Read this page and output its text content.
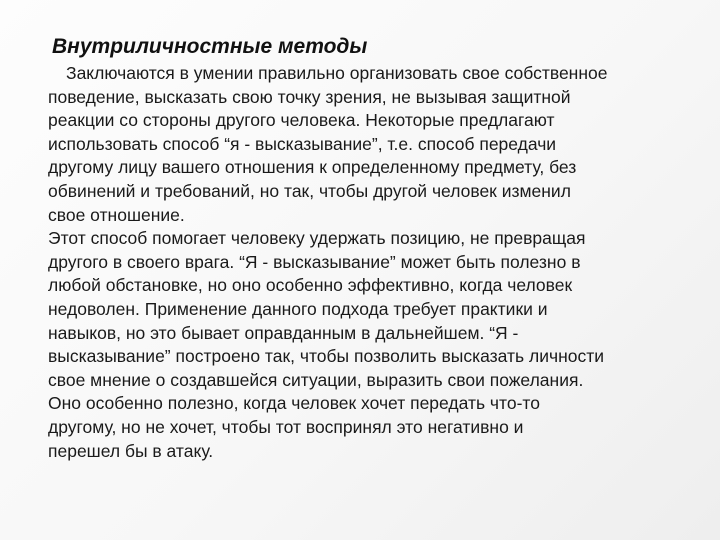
Внутриличностные методы
Заключаются в умении правильно организовать свое собственное
поведение, высказать свою точку зрения, не вызывая защитной
реакции со стороны другого человека. Некоторые предлагают
использовать способ “я - высказывание”, т.е. способ передачи
другому лицу вашего отношения к определенному предмету, без
обвинений и требований, но так, чтобы другой человек изменил
свое отношение.
Этот способ помогает человеку удержать позицию, не превращая
другого в своего врага. “Я - высказывание” может быть полезно в
любой обстановке, но оно особенно эффективно, когда человек
недоволен. Применение данного подхода требует практики и
навыков, но это бывает оправданным в дальнейшем. “Я -
высказывание” построено так, чтобы позволить высказать личности
свое мнение о создавшейся ситуации, выразить свои пожелания.
Оно особенно полезно, когда человек хочет передать что-то
другому, но не хочет, чтобы тот воспринял это негативно и
перешел бы в атаку.
